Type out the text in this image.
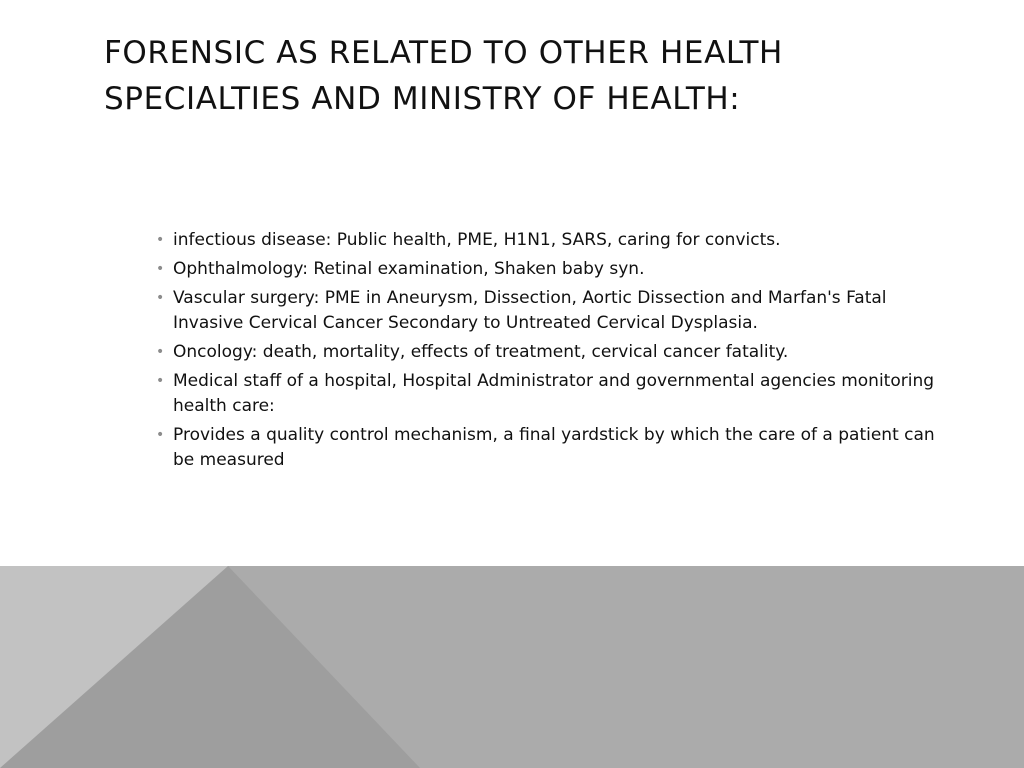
FORENSIC AS RELATED TO OTHER HEALTH SPECIALTIES AND MINISTRY OF HEALTH:
• infectious disease: Public health, PME, H1N1, SARS, caring for convicts.
• Ophthalmology: Retinal examination, Shaken baby syn.
• Vascular surgery: PME in Aneurysm, Dissection, Aortic Dissection and Marfan's Fatal Invasive Cervical Cancer Secondary to Untreated Cervical Dysplasia.
• Oncology: death, mortality, effects of treatment, cervical cancer fatality.
• Medical staff of a hospital, Hospital Administrator and governmental agencies monitoring health care:
• Provides a quality control mechanism, a final yardstick by which the care of a patient can be measured
